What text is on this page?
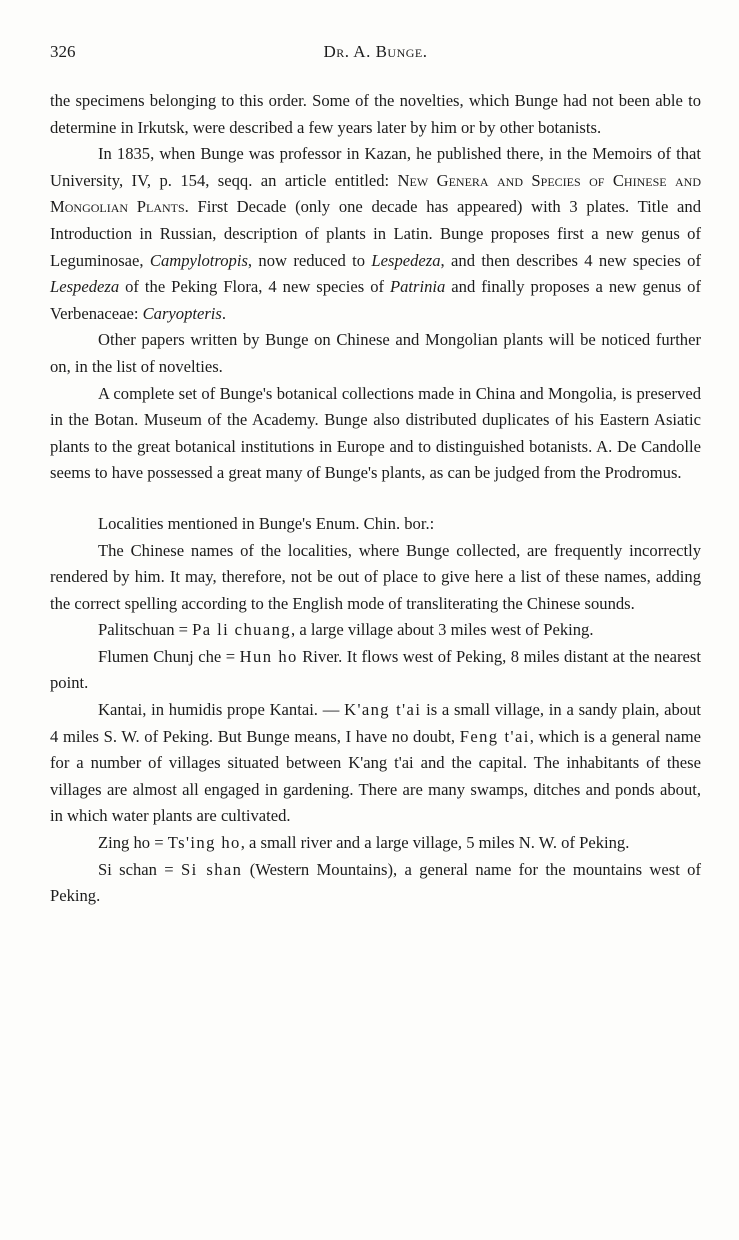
326	Dr. A. Bunge.

the specimens belonging to this order. Some of the novelties, which Bunge had not been able to determine in Irkutsk, were described a few years later by him or by other botanists.

In 1835, when Bunge was professor in Kazan, he published there, in the Memoirs of that University, IV, p. 154, seqq. an article entitled: New Genera and Species of Chinese and Mongolian Plants. First Decade (only one decade has appeared) with 3 plates. Title and Introduction in Russian, description of plants in Latin. Bunge proposes first a new genus of Leguminosae, Campylotropis, now reduced to Lespedeza, and then describes 4 new species of Lespedeza of the Peking Flora, 4 new species of Patrinia and finally proposes a new genus of Verbenaceae: Caryopteris.

Other papers written by Bunge on Chinese and Mongolian plants will be noticed further on, in the list of novelties.

A complete set of Bunge's botanical collections made in China and Mongolia, is preserved in the Botan. Museum of the Academy. Bunge also distributed duplicates of his Eastern Asiatic plants to the great botanical institutions in Europe and to distinguished botanists. A. De Candolle seems to have possessed a great many of Bunge's plants, as can be judged from the Prodromus.

Localities mentioned in Bunge's Enum. Chin. bor.:

The Chinese names of the localities, where Bunge collected, are frequently incorrectly rendered by him. It may, therefore, not be out of place to give here a list of these names, adding the correct spelling according to the English mode of transliterating the Chinese sounds.

Palitschuan = Pa li chuang, a large village about 3 miles west of Peking.

Flumen Chunj che = Hun ho River. It flows west of Peking, 8 miles distant at the nearest point.

Kantai, in humidis prope Kantai. — K'ang t'ai is a small village, in a sandy plain, about 4 miles S. W. of Peking. But Bunge means, I have no doubt, Feng t'ai, which is a general name for a number of villages situated between K'ang t'ai and the capital. The inhabitants of these villages are almost all engaged in gardening. There are many swamps, ditches and ponds about, in which water plants are cultivated.

Zing ho = Ts'ing ho, a small river and a large village, 5 miles N. W. of Peking.

Si schan = Si shan (Western Mountains), a general name for the mountains west of Peking.
